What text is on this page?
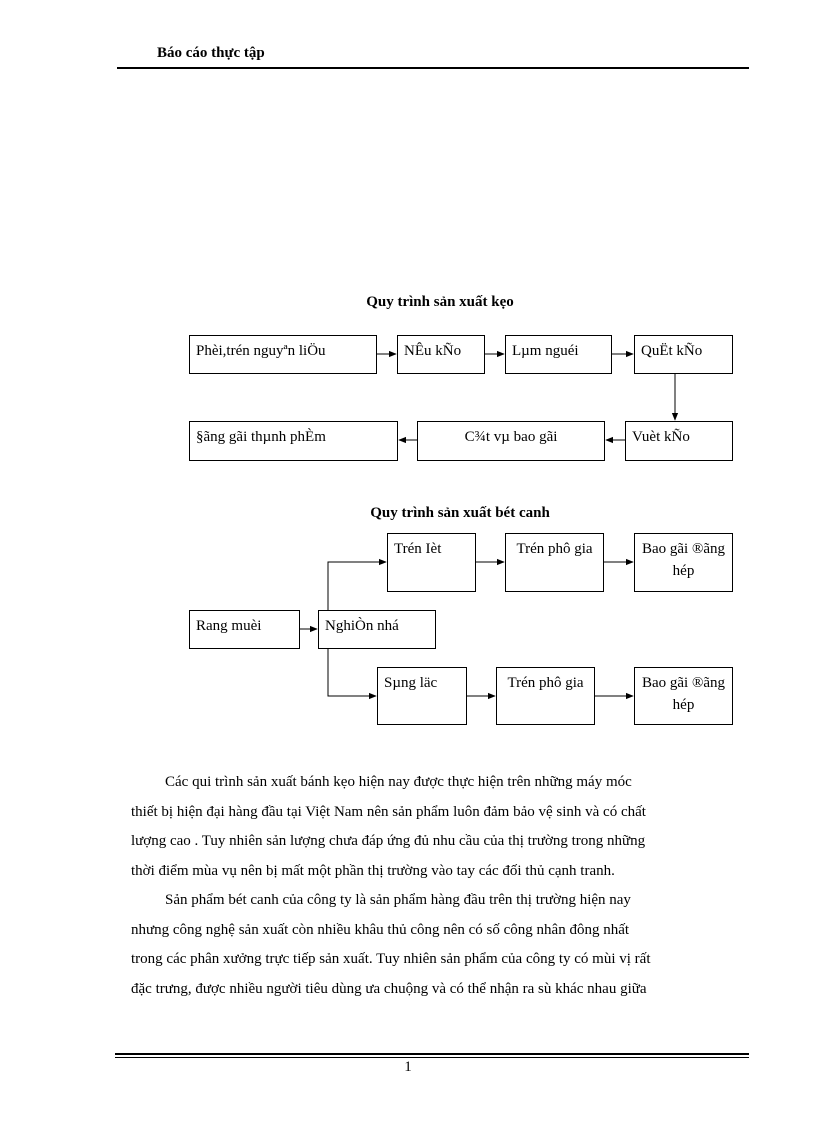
Báo cáo thực tập
Quy trình sản xuất kẹo
Phèi,trén nguyªn liÖu	NÊu kÑo	Lµm nguéi	QuËt kÑo
Vuèt kÑo
C¾t vµ bao gãi
§ãng gãi thµnh phÈm
Quy trình sản xuất bét canh
Rang muèi	NghiÒn nhá
Trén Ièt	Trén phô gia	Bao gãi ®ãng hép
Sµng läc	Trén phô gia	Bao gãi ®ãng hép
Các qui trình sản xuất bánh kẹo hiện nay được thực hiện trên những máy móc
thiết bị hiện đại hàng đầu tại Việt Nam nên sản phẩm luôn đảm bảo vệ sinh và có chất
lượng cao . Tuy nhiên sản lượng chưa đáp ứng đủ nhu cầu của thị trường trong những
thời điểm mùa vụ nên bị mất một phần thị trường vào tay các đối thủ cạnh tranh.
Sản phẩm bét canh của công ty là sản phẩm hàng đầu trên thị trường hiện nay
nhưng công nghệ sản xuất còn nhiều khâu thủ công nên có số công nhân đông nhất
trong các phân xưởng trực tiếp sản xuất. Tuy nhiên sản phẩm của công ty có mùi vị rất
đặc trưng, được nhiều người tiêu dùng ưa chuộng và có thể nhận ra sù khác nhau giữa
1
